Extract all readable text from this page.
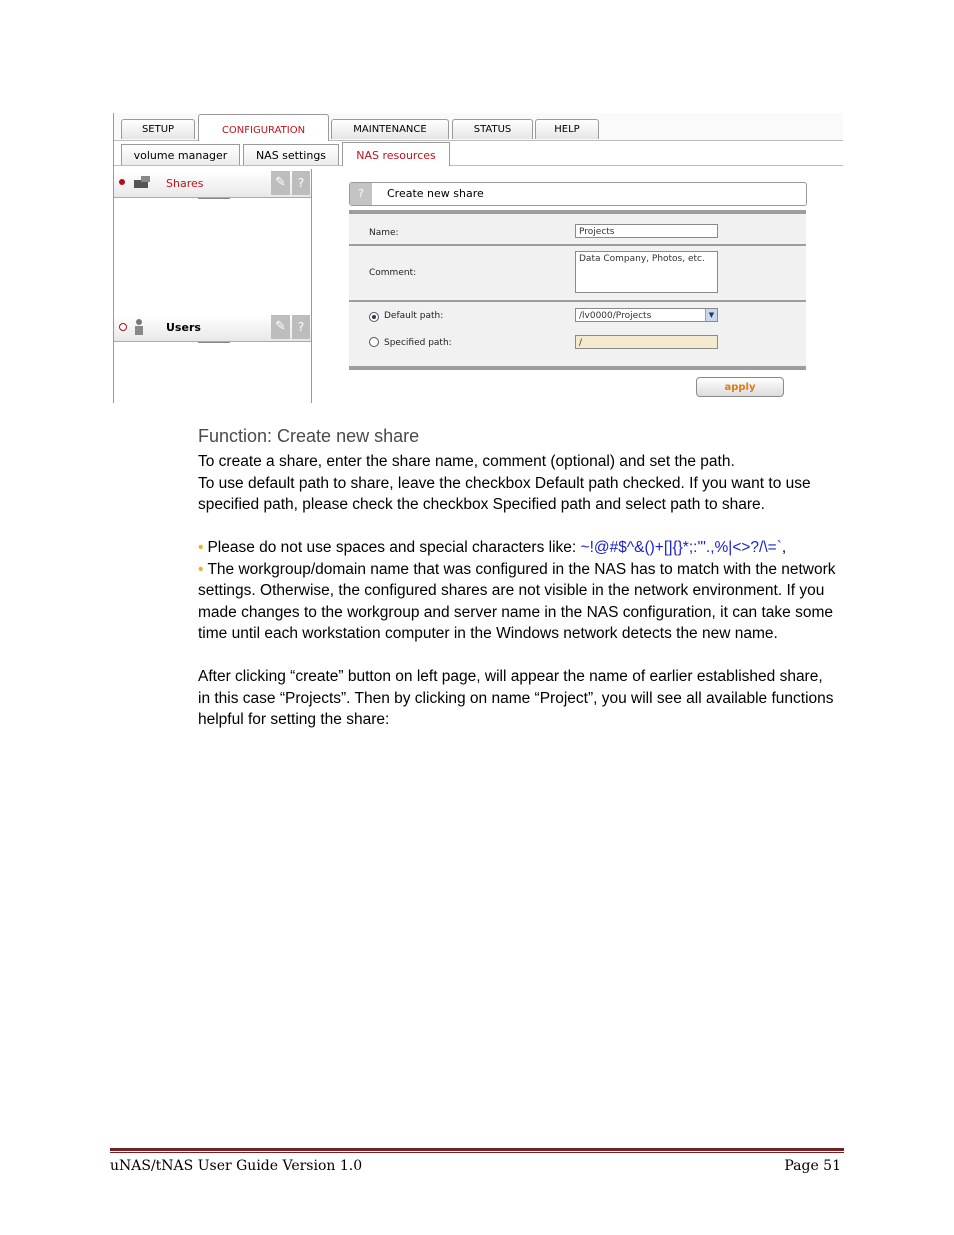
SETUP	CONFIGURATION	MAINTENANCE	STATUS	HELP
volume manager	NAS settings	NAS resources
Shares	✎ ?
Users	✎ ?
?	Create new share
Name:	Projects
Comment:
Data Company, Photos, etc.
Default path:	/lv0000/Projects	▼
Specified path:	/
apply
Function: Create new share
To create a share, enter the share name, comment (optional) and set the path.
To use default path to share, leave the checkbox Default path checked. If you want to use specified path, please check the checkbox Specified path and select path to share.
• Please do not use spaces and special characters like: ~!@#$^&()+[]{}*;:'".,%|<>?/\=`,
• The workgroup/domain name that was configured in the NAS has to match with the network settings. Otherwise, the configured shares are not visible in the network environment. If you made changes to the workgroup and server name in the NAS configuration, it can take some time until each workstation computer in the Windows network detects the new name.
After clicking “create” button on left page, will appear the name of earlier established share, in this case “Projects”. Then by clicking on name “Project”, you will see all available functions helpful for setting the share:
uNAS/tNAS User Guide Version 1.0	Page 51
